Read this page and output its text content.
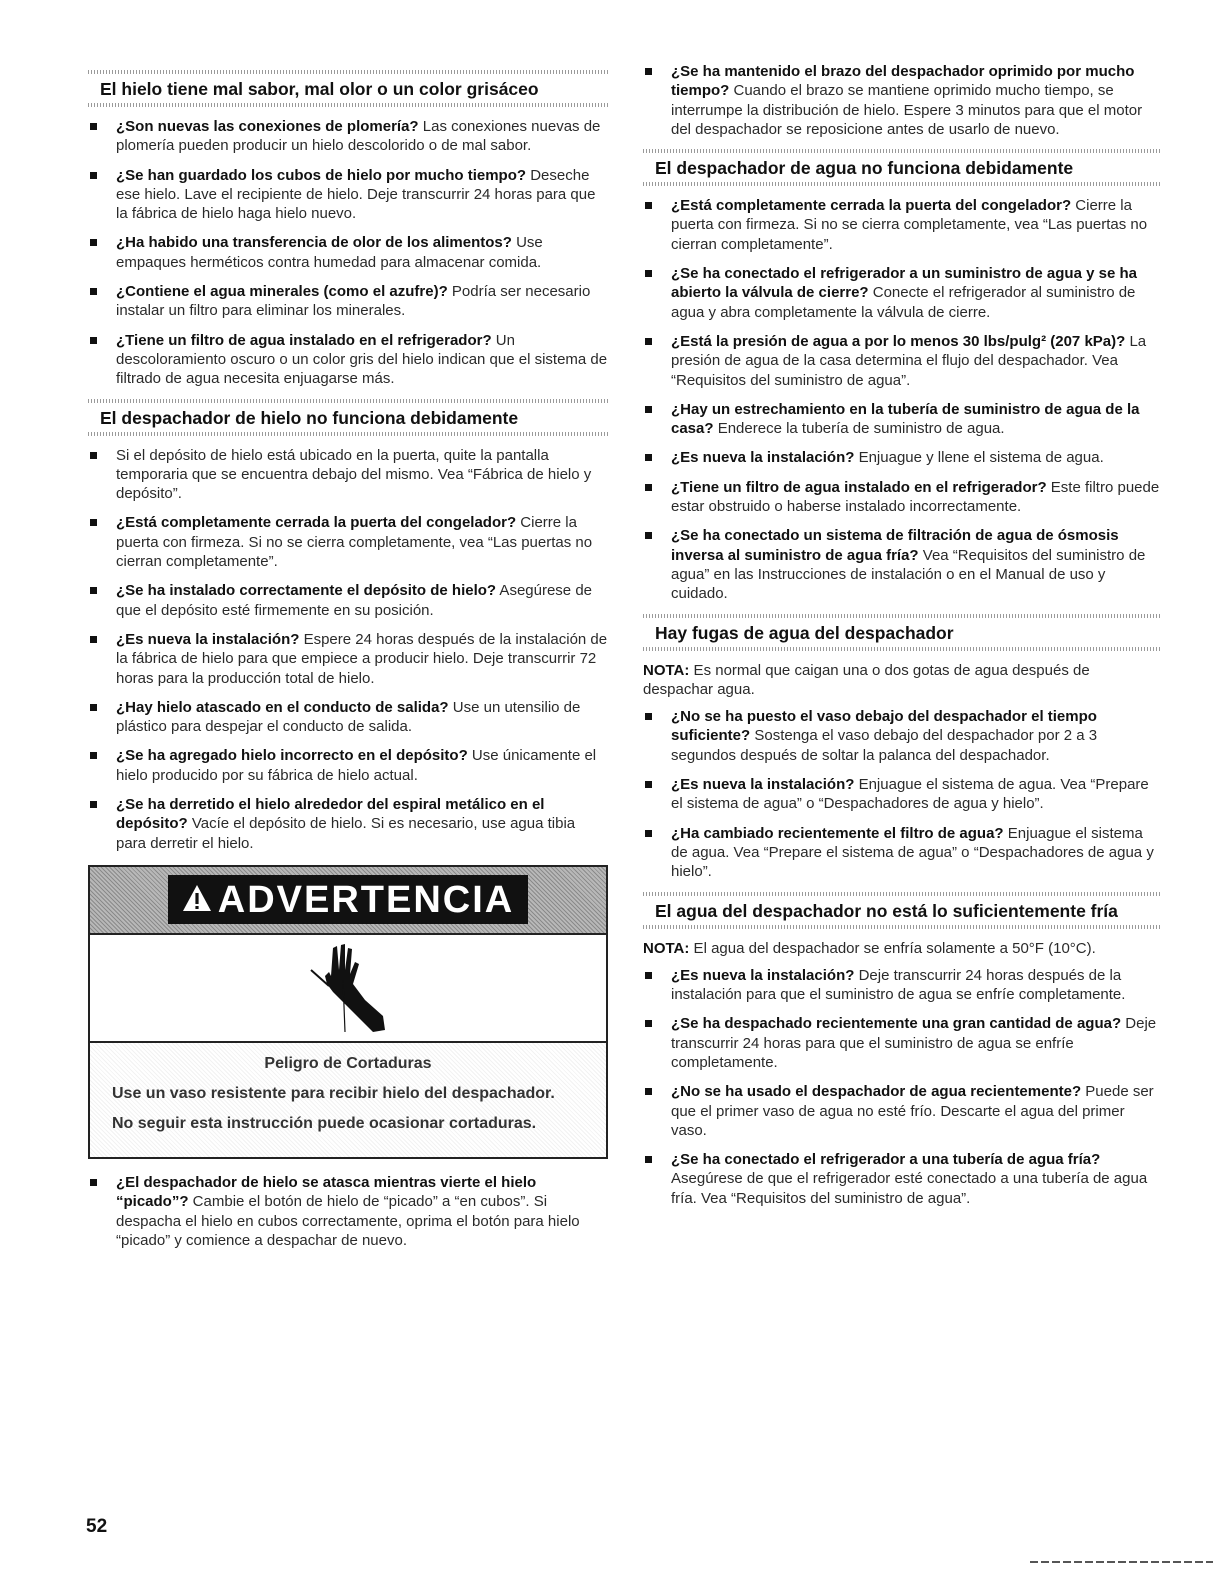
El hielo tiene mal sabor, mal olor o un color grisáceo
¿Son nuevas las conexiones de plomería? Las conexiones nuevas de plomería pueden producir un hielo descolorido o de mal sabor.
¿Se han guardado los cubos de hielo por mucho tiempo? Deseche ese hielo. Lave el recipiente de hielo. Deje transcurrir 24 horas para que la fábrica de hielo haga hielo nuevo.
¿Ha habido una transferencia de olor de los alimentos? Use empaques herméticos contra humedad para almacenar comida.
¿Contiene el agua minerales (como el azufre)? Podría ser necesario instalar un filtro para eliminar los minerales.
¿Tiene un filtro de agua instalado en el refrigerador? Un descoloramiento oscuro o un color gris del hielo indican que el sistema de filtrado de agua necesita enjuagarse más.
El despachador de hielo no funciona debidamente
Si el depósito de hielo está ubicado en la puerta, quite la pantalla temporaria que se encuentra debajo del mismo. Vea “Fábrica de hielo y depósito”.
¿Está completamente cerrada la puerta del congelador? Cierre la puerta con firmeza. Si no se cierra completamente, vea “Las puertas no cierran completamente”.
¿Se ha instalado correctamente el depósito de hielo? Asegúrese de que el depósito esté firmemente en su posición.
¿Es nueva la instalación? Espere 24 horas después de la instalación de la fábrica de hielo para que empiece a producir hielo. Deje transcurrir 72 horas para la producción total de hielo.
¿Hay hielo atascado en el conducto de salida? Use un utensilio de plástico para despejar el conducto de salida.
¿Se ha agregado hielo incorrecto en el depósito? Use únicamente el hielo producido por su fábrica de hielo actual.
¿Se ha derretido el hielo alrededor del espiral metálico en el depósito? Vacíe el depósito de hielo. Si es necesario, use agua tibia para derretir el hielo.
ADVERTENCIA
Peligro de Cortaduras
Use un vaso resistente para recibir hielo del despachador.
No seguir esta instrucción puede ocasionar cortaduras.
¿El despachador de hielo se atasca mientras vierte el hielo “picado”? Cambie el botón de hielo de “picado” a “en cubos”. Si despacha el hielo en cubos correctamente, oprima el botón para hielo “picado” y comience a despachar de nuevo.
¿Se ha mantenido el brazo del despachador oprimido por mucho tiempo? Cuando el brazo se mantiene oprimido mucho tiempo, se interrumpe la distribución de hielo. Espere 3 minutos para que el motor del despachador se reposicione antes de usarlo de nuevo.
El despachador de agua no funciona debidamente
¿Está completamente cerrada la puerta del congelador? Cierre la puerta con firmeza. Si no se cierra completamente, vea “Las puertas no cierran completamente”.
¿Se ha conectado el refrigerador a un suministro de agua y se ha abierto la válvula de cierre? Conecte el refrigerador al suministro de agua y abra completamente la válvula de cierre.
¿Está la presión de agua a por lo menos 30 lbs/pulg² (207 kPa)? La presión de agua de la casa determina el flujo del despachador. Vea “Requisitos del suministro de agua”.
¿Hay un estrechamiento en la tubería de suministro de agua de la casa? Enderece la tubería de suministro de agua.
¿Es nueva la instalación? Enjuague y llene el sistema de agua.
¿Tiene un filtro de agua instalado en el refrigerador? Este filtro puede estar obstruido o haberse instalado incorrectamente.
¿Se ha conectado un sistema de filtración de agua de ósmosis inversa al suministro de agua fría? Vea “Requisitos del suministro de agua” en las Instrucciones de instalación o en el Manual de uso y cuidado.
Hay fugas de agua del despachador

NOTA: Es normal que caigan una o dos gotas de agua después de despachar agua.

¿No se ha puesto el vaso debajo del despachador el tiempo suficiente? Sostenga el vaso debajo del despachador por 2 a 3 segundos después de soltar la palanca del despachador.
¿Es nueva la instalación? Enjuague el sistema de agua. Vea “Prepare el sistema de agua” o “Despachadores de agua y hielo”.
¿Ha cambiado recientemente el filtro de agua? Enjuague el sistema de agua. Vea “Prepare el sistema de agua” o “Despachadores de agua y hielo”.
El agua del despachador no está lo suficientemente fría

NOTA: El agua del despachador se enfría solamente a 50°F (10°C).

¿Es nueva la instalación? Deje transcurrir 24 horas después de la instalación para que el suministro de agua se enfríe completamente.
¿Se ha despachado recientemente una gran cantidad de agua? Deje transcurrir 24 horas para que el suministro de agua se enfríe completamente.
¿No se ha usado el despachador de agua recientemente? Puede ser que el primer vaso de agua no esté frío. Descarte el agua del primer vaso.
¿Se ha conectado el refrigerador a una tubería de agua fría? Asegúrese de que el refrigerador esté conectado a una tubería de agua fría. Vea “Requisitos del suministro de agua”.
52
